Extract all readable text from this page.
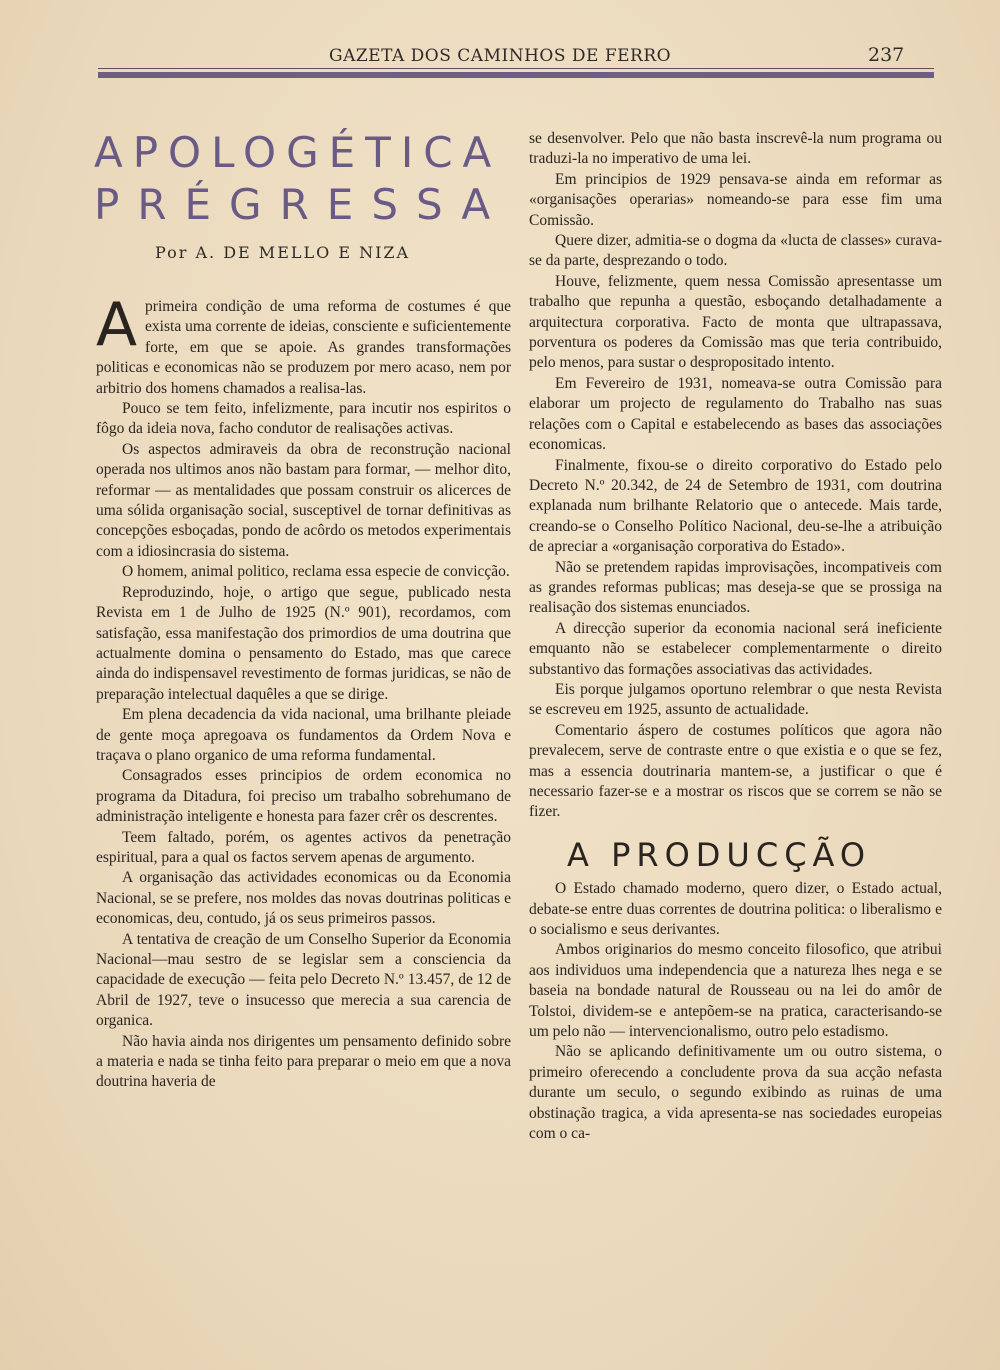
GAZETA DOS CAMINHOS DE FERRO	237
APOLOGÉTICA
PRÉGRESSA
Por A. DE MELLO E NIZA

A primeira condição de uma reforma de costumes é que exista uma corrente de ideias, consciente e suficientemente forte, em que se apoie. As grandes transformações politicas e economicas não se produzem por mero acaso, nem por arbitrio dos homens chamados a realisa-las.

Pouco se tem feito, infelizmente, para incutir nos espiritos o fôgo da ideia nova, facho condutor de realisações activas.

Os aspectos admiraveis da obra de reconstrução nacional operada nos ultimos anos não bastam para formar, — melhor dito, reformar — as mentalidades que possam construir os alicerces de uma sólida organisação social, susceptivel de tornar definitivas as concepções esboçadas, pondo de acôrdo os metodos experimentais com a idiosincrasia do sistema.

O homem, animal politico, reclama essa especie de convicção.

Reproduzindo, hoje, o artigo que segue, publicado nesta Revista em 1 de Julho de 1925 (N.º 901), recordamos, com satisfação, essa manifestação dos primordios de uma doutrina que actualmente domina o pensamento do Estado, mas que carece ainda do indispensavel revestimento de formas juridicas, se não de preparação intelectual daquêles a que se dirige.

Em plena decadencia da vida nacional, uma brilhante pleiade de gente moça apregoava os fundamentos da Ordem Nova e traçava o plano organico de uma reforma fundamental.

Consagrados esses principios de ordem economica no programa da Ditadura, foi preciso um trabalho sobrehumano de administração inteligente e honesta para fazer crêr os descrentes.

Teem faltado, porém, os agentes activos da penetração espiritual, para a qual os factos servem apenas de argumento.

A organisação das actividades economicas ou da Economia Nacional, se se prefere, nos moldes das novas doutrinas politicas e economicas, deu, contudo, já os seus primeiros passos.

A tentativa de creação de um Conselho Superior da Economia Nacional—mau sestro de se legislar sem a consciencia da capacidade de execução — feita pelo Decreto N.º 13.457, de 12 de Abril de 1927, teve o insucesso que merecia a sua carencia de organica.

Não havia ainda nos dirigentes um pensamento definido sobre a materia e nada se tinha feito para preparar o meio em que a nova doutrina haveria de

se desenvolver. Pelo que não basta inscrevê-la num programa ou traduzi-la no imperativo de uma lei.

Em principios de 1929 pensava-se ainda em reformar as «organisações operarias» nomeando-se para esse fim uma Comissão.

Quere dizer, admitia-se o dogma da «lucta de classes» curava-se da parte, desprezando o todo.

Houve, felizmente, quem nessa Comissão apresentasse um trabalho que repunha a questão, esboçando detalhadamente a arquitectura corporativa. Facto de monta que ultrapassava, porventura os poderes da Comissão mas que teria contribuido, pelo menos, para sustar o despropositado intento.

Em Fevereiro de 1931, nomeava-se outra Comissão para elaborar um projecto de regulamento do Trabalho nas suas relações com o Capital e estabelecendo as bases das associações economicas.

Finalmente, fixou-se o direito corporativo do Estado pelo Decreto N.º 20.342, de 24 de Setembro de 1931, com doutrina explanada num brilhante Relatorio que o antecede. Mais tarde, creando-se o Conselho Político Nacional, deu-se-lhe a atribuição de apreciar a «organisação corporativa do Estado».

Não se pretendem rapidas improvisações, incompativeis com as grandes reformas publicas; mas deseja-se que se prossiga na realisação dos sistemas enunciados.

A direcção superior da economia nacional será ineficiente emquanto não se estabelecer complementarmente o direito substantivo das formações associativas das actividades.

Eis porque julgamos oportuno relembrar o que nesta Revista se escreveu em 1925, assunto de actualidade.

Comentario áspero de costumes políticos que agora não prevalecem, serve de contraste entre o que existia e o que se fez, mas a essencia doutrinaria mantem-se, a justificar o que é necessario fazer-se e a mostrar os riscos que se correm se não se fizer.

A PRODUCÇÃO

O Estado chamado moderno, quero dizer, o Estado actual, debate-se entre duas correntes de doutrina politica: o liberalismo e o socialismo e seus derivantes.

Ambos originarios do mesmo conceito filosofico, que atribui aos individuos uma independencia que a natureza lhes nega e se baseia na bondade natural de Rousseau ou na lei do amôr de Tolstoi, dividem-se e antepõem-se na pratica, caracterisando-se um pelo não — intervencionalismo, outro pelo estadismo.

Não se aplicando definitivamente um ou outro sistema, o primeiro oferecendo a concludente prova da sua acção nefasta durante um seculo, o segundo exibindo as ruinas de uma obstinação tragica, a vida apresenta-se nas sociedades europeias com o ca-
